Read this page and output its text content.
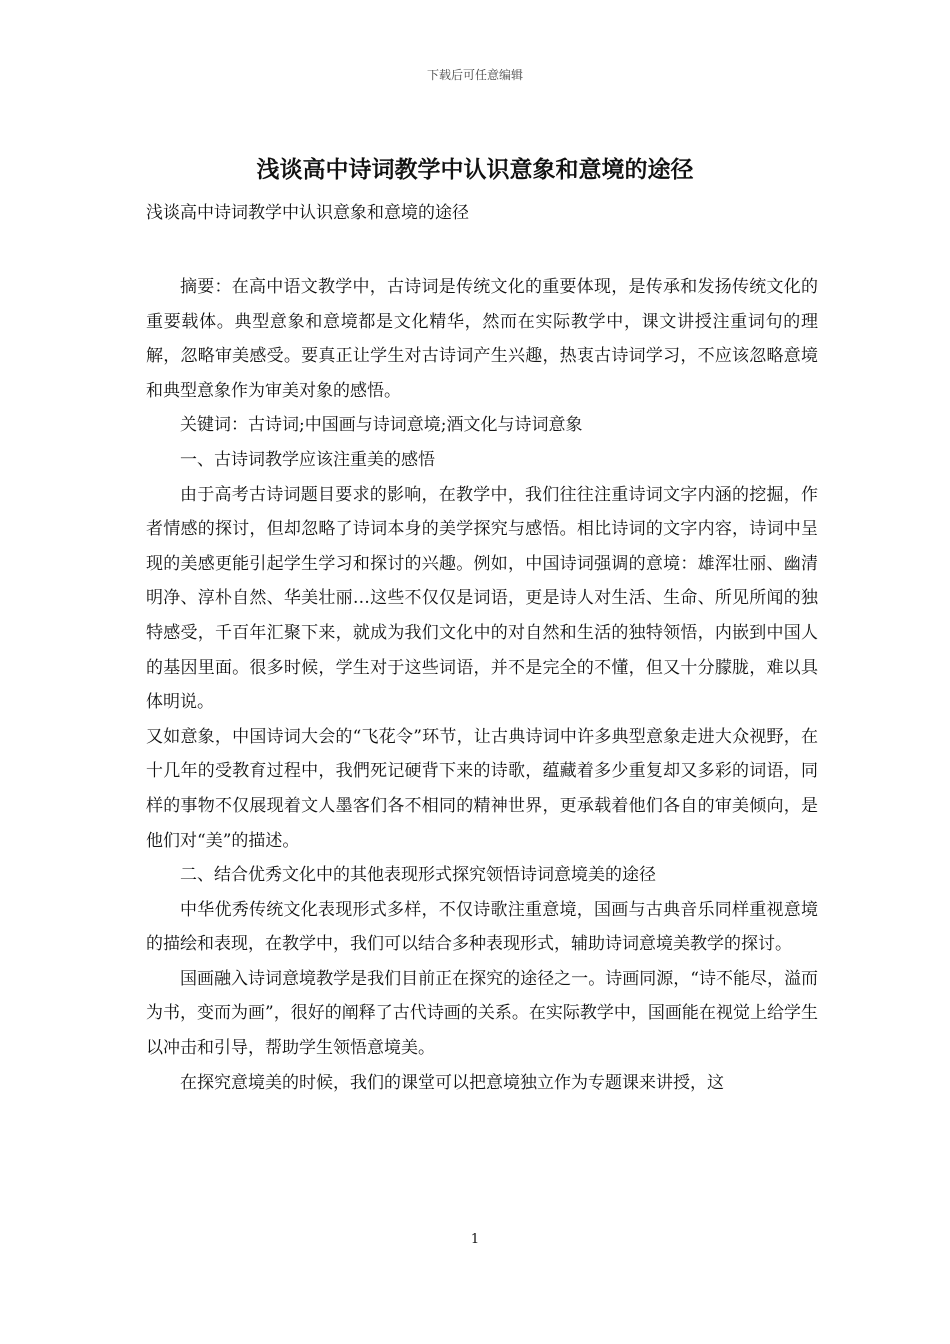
下载后可任意编辑
浅谈高中诗词教学中认识意象和意境的途径
浅谈高中诗词教学中认识意象和意境的途径

摘要：在高中语文教学中，古诗词是传统文化的重要体现，是传承和发扬传统文化的重要载体。典型意象和意境都是文化精华，然而在实际教学中，课文讲授注重词句的理解，忽略审美感受。要真正让学生对古诗词产生兴趣，热衷古诗词学习，不应该忽略意境和典型意象作为审美对象的感悟。

关键词：古诗词;中国画与诗词意境;酒文化与诗词意象

一、古诗词教学应该注重美的感悟

由于高考古诗词题目要求的影响，在教学中，我们往往注重诗词文字内涵的挖掘，作者情感的探讨，但却忽略了诗词本身的美学探究与感悟。相比诗词的文字内容，诗词中呈现的美感更能引起学生学习和探讨的兴趣。例如，中国诗词强调的意境：雄浑壮丽、幽清明净、淳朴自然、华美壮丽…这些不仅仅是词语，更是诗人对生活、生命、所见所闻的独特感受，千百年汇聚下来，就成为我们文化中的对自然和生活的独特领悟，内嵌到中国人的基因里面。很多时候，学生对于这些词语，并不是完全的不懂，但又十分朦胧，难以具体明说。

又如意象，中国诗词大会的“飞花令”环节，让古典诗词中许多典型意象走进大众视野，在十几年的受教育过程中，我們死记硬背下来的诗歌，蕴藏着多少重复却又多彩的词语，同样的事物不仅展现着文人墨客们各不相同的精神世界，更承载着他们各自的审美倾向，是他们对“美”的描述。

二、结合优秀文化中的其他表现形式探究领悟诗词意境美的途径

中华优秀传统文化表现形式多样，不仅诗歌注重意境，国画与古典音乐同样重视意境的描绘和表现，在教学中，我们可以结合多种表现形式，辅助诗词意境美教学的探讨。

国画融入诗词意境教学是我们目前正在探究的途径之一。诗画同源，“诗不能尽，溢而为书，变而为画”，很好的阐释了古代诗画的关系。在实际教学中，国画能在视觉上给学生以冲击和引导，帮助学生领悟意境美。

在探究意境美的时候，我们的课堂可以把意境独立作为专题课来讲授，这

1
